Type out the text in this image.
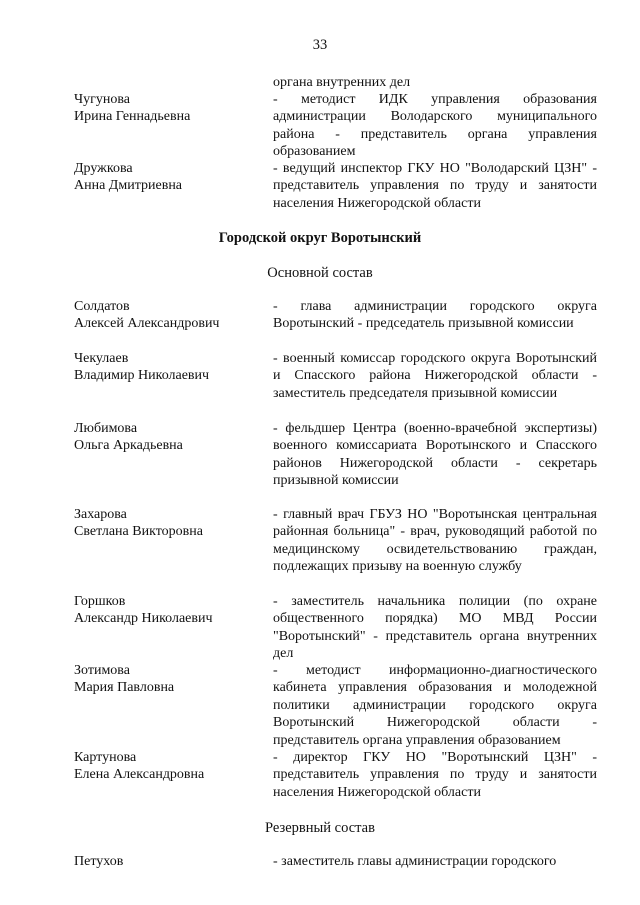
33
органа внутренних дел
Чугунова
Ирина Геннадьевна
- методист ИДК управления образования администрации Володарского муниципального района - представитель органа управления образованием
Дружкова
Анна Дмитриевна
- ведущий инспектор ГКУ НО "Володарский ЦЗН" - представитель управления по труду и занятости населения Нижегородской области
Городской округ Воротынский
Основной состав
Солдатов
Алексей Александрович
- глава администрации городского округа Воротынский - председатель призывной комиссии
Чекулаев
Владимир Николаевич
- военный комиссар городского округа Воротынский и Спасского района Нижегородской области - заместитель председателя призывной комиссии
Любимова
Ольга Аркадьевна
- фельдшер Центра (военно-врачебной экспертизы) военного комиссариата Воротынского и Спасского районов Нижегородской области - секретарь призывной комиссии
Захарова
Светлана Викторовна
- главный врач ГБУЗ НО "Воротынская центральная районная больница" - врач, руководящий работой по медицинскому освидетельствованию граждан, подлежащих призыву на военную службу
Горшков
Александр Николаевич
- заместитель начальника полиции (по охране общественного порядка) МО МВД России "Воротынский" - представитель органа внутренних дел
Зотимова
Мария Павловна
- методист информационно-диагностического кабинета управления образования и молодежной политики администрации городского округа Воротынский Нижегородской области - представитель органа управления образованием
Картунова
Елена Александровна
- директор ГКУ НО "Воротынский ЦЗН" - представитель управления по труду и занятости населения Нижегородской области
Резервный состав
Петухов	- заместитель главы администрации городского
